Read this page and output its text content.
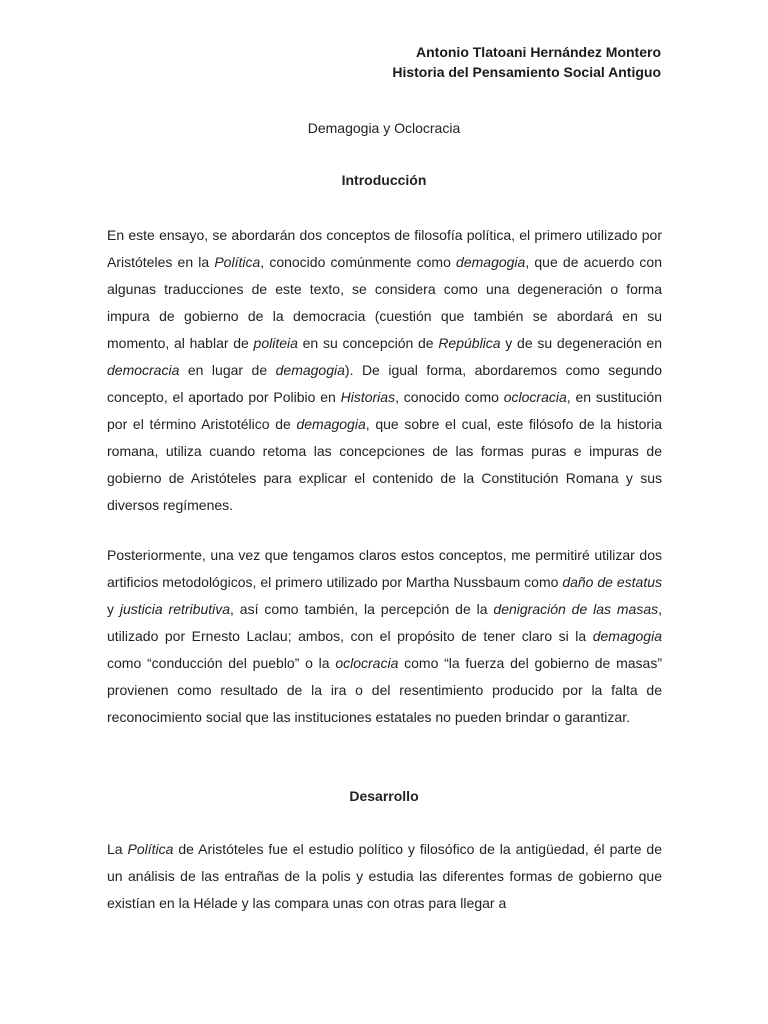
Antonio Tlatoani Hernández Montero
Historia del Pensamiento Social Antiguo
Demagogia y Oclocracia
Introducción

En este ensayo, se abordarán dos conceptos de filosofía política, el primero utilizado por Aristóteles en la Política, conocido comúnmente como demagogia, que de acuerdo con algunas traducciones de este texto, se considera como una degeneración o forma impura de gobierno de la democracia (cuestión que también se abordará en su momento, al hablar de politeia en su concepción de República y de su degeneración en democracia en lugar de demagogia). De igual forma, abordaremos como segundo concepto, el aportado por Polibio en Historias, conocido como oclocracia, en sustitución por el término Aristotélico de demagogia, que sobre el cual, este filósofo de la historia romana, utiliza cuando retoma las concepciones de las formas puras e impuras de gobierno de Aristóteles para explicar el contenido de la Constitución Romana y sus diversos regímenes.

Posteriormente, una vez que tengamos claros estos conceptos, me permitiré utilizar dos artificios metodológicos, el primero utilizado por Martha Nussbaum como daño de estatus y justicia retributiva, así como también, la percepción de la denigración de las masas, utilizado por Ernesto Laclau; ambos, con el propósito de tener claro si la demagogia como “conducción del pueblo” o la oclocracia como “la fuerza del gobierno de masas” provienen como resultado de la ira o del resentimiento producido por la falta de reconocimiento social que las instituciones estatales no pueden brindar o garantizar.

Desarrollo

La Política de Aristóteles fue el estudio político y filosófico de la antigüedad, él parte de un análisis de las entrañas de la polis y estudia las diferentes formas de gobierno que existían en la Hélade y las compara unas con otras para llegar a
